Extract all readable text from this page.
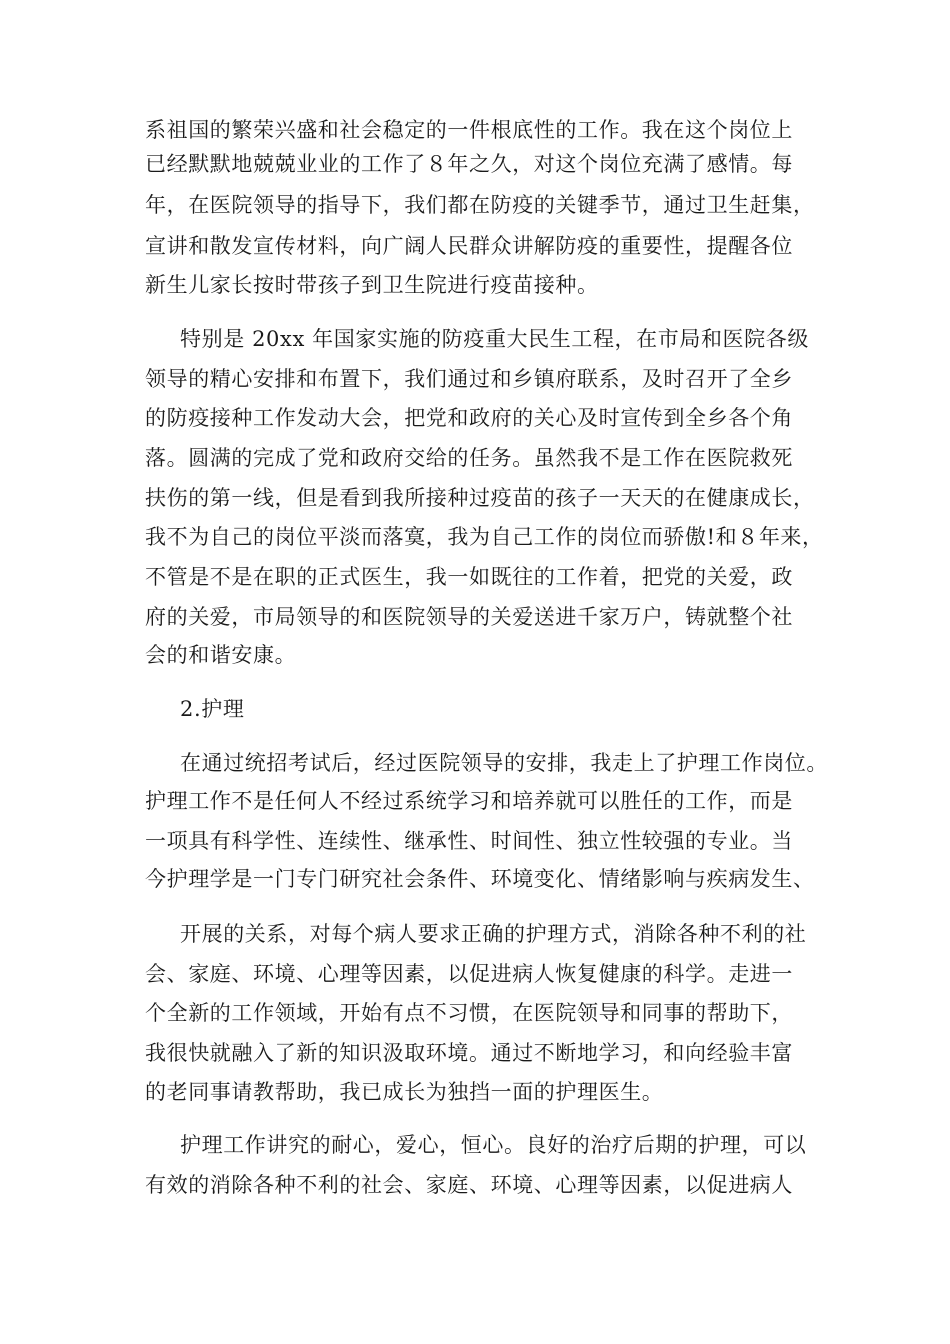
系祖国的繁荣兴盛和社会稳定的一件根底性的工作。我在这个岗位上

已经默默地兢兢业业的工作了８年之久，对这个岗位充满了感情。每

年，在医院领导的指导下，我们都在防疫的关键季节，通过卫生赶集，

宣讲和散发宣传材料，向广阔人民群众讲解防疫的重要性，提醒各位

新生儿家长按时带孩子到卫生院进行疫苗接种。

特别是 20xx 年国家实施的防疫重大民生工程，在市局和医院各级

领导的精心安排和布置下，我们通过和乡镇府联系，及时召开了全乡

的防疫接种工作发动大会，把党和政府的关心及时宣传到全乡各个角

落。圆满的完成了党和政府交给的任务。虽然我不是工作在医院救死

扶伤的第一线，但是看到我所接种过疫苗的孩子一天天的在健康成长，

我不为自己的岗位平淡而落寞，我为自己工作的岗位而骄傲!和８年来，

不管是不是在职的正式医生，我一如既往的工作着，把党的关爱，政

府的关爱，市局领导的和医院领导的关爱送进千家万户，铸就整个社

会的和谐安康。

2.护理

在通过统招考试后，经过医院领导的安排，我走上了护理工作岗位。

护理工作不是任何人不经过系统学习和培养就可以胜任的工作，而是

一项具有科学性、连续性、继承性、时间性、独立性较强的专业。当

今护理学是一门专门研究社会条件、环境变化、情绪影响与疾病发生、

开展的关系，对每个病人要求正确的护理方式，消除各种不利的社

会、家庭、环境、心理等因素，以促进病人恢复健康的科学。走进一

个全新的工作领域，开始有点不习惯，在医院领导和同事的帮助下，

我很快就融入了新的知识汲取环境。通过不断地学习，和向经验丰富

的老同事请教帮助，我已成长为独挡一面的护理医生。

护理工作讲究的耐心，爱心，恒心。良好的治疗后期的护理，可以

有效的消除各种不利的社会、家庭、环境、心理等因素，以促进病人
